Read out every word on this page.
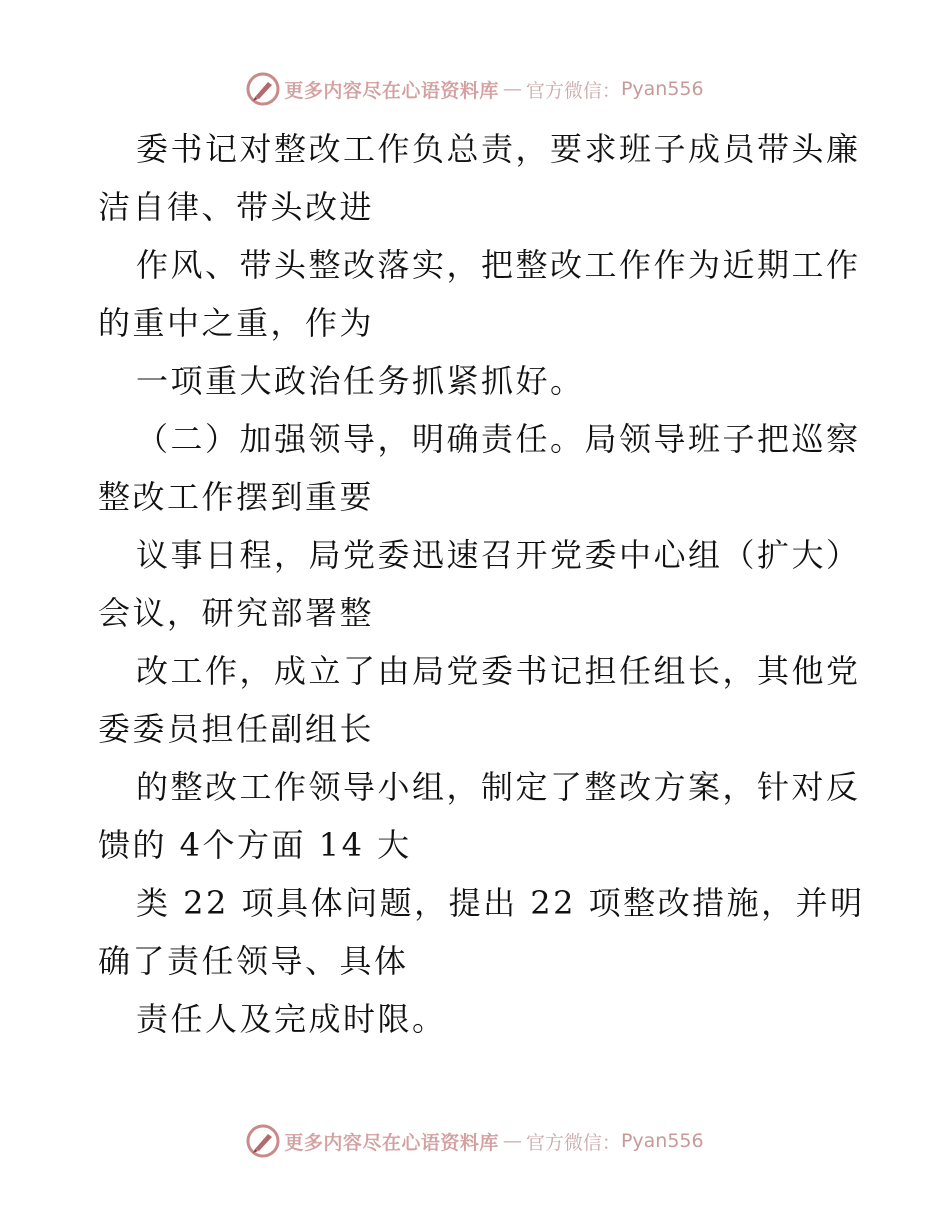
更多内容尽在心语资料库 — 官方微信： Pyan556
委书记对整改工作负总责，要求班子成员带头廉
洁自律、带头改进
作风、带头整改落实，把整改工作作为近期工作
的重中之重，作为
一项重大政治任务抓紧抓好。
（二）加强领导，明确责任。局领导班子把巡察
整改工作摆到重要
议事日程，局党委迅速召开党委中心组（扩大）
会议，研究部署整
改工作，成立了由局党委书记担任组长，其他党
委委员担任副组长
的整改工作领导小组，制定了整改方案，针对反
馈的 4个方面 14 大
类 22 项具体问题，提出 22 项整改措施，并明
确了责任领导、具体
责任人及完成时限。
更多内容尽在心语资料库 — 官方微信： Pyan556
